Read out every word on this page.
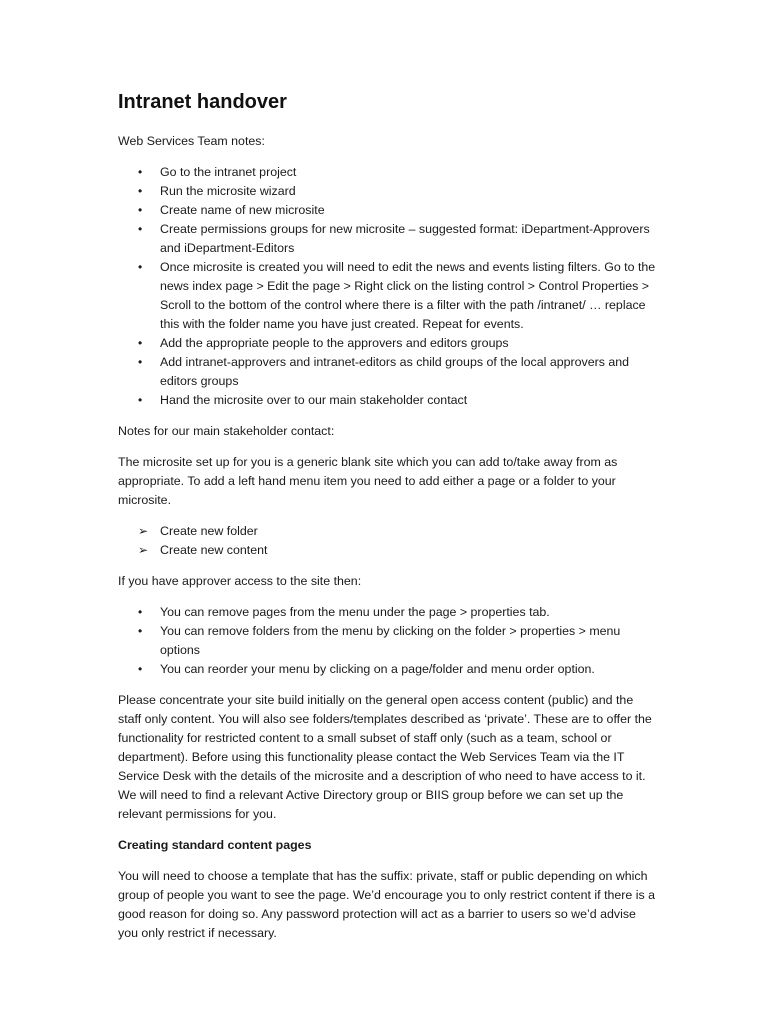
Intranet handover

Web Services Team notes:

• Go to the intranet project
• Run the microsite wizard
• Create name of new microsite
• Create permissions groups for new microsite – suggested format: iDepartment-Approvers and iDepartment-Editors
• Once microsite is created you will need to edit the news and events listing filters. Go to the news index page > Edit the page > Right click on the listing control > Control Properties > Scroll to the bottom of the control where there is a filter with the path /intranet/ … replace this with the folder name you have just created. Repeat for events.
• Add the appropriate people to the approvers and editors groups
• Add intranet-approvers and intranet-editors as child groups of the local approvers and editors groups
• Hand the microsite over to our main stakeholder contact

Notes for our main stakeholder contact:

The microsite set up for you is a generic blank site which you can add to/take away from as appropriate. To add a left hand menu item you need to add either a page or a folder to your microsite.

➢ Create new folder
➢ Create new content

If you have approver access to the site then:

• You can remove pages from the menu under the page > properties tab.
• You can remove folders from the menu by clicking on the folder > properties > menu options
• You can reorder your menu by clicking on a page/folder and menu order option.

Please concentrate your site build initially on the general open access content (public) and the staff only content. You will also see folders/templates described as ‘private’. These are to offer the functionality for restricted content to a small subset of staff only (such as a team, school or department). Before using this functionality please contact the Web Services Team via the IT Service Desk with the details of the microsite and a description of who need to have access to it. We will need to find a relevant Active Directory group or BIIS group before we can set up the relevant permissions for you.

Creating standard content pages

You will need to choose a template that has the suffix: private, staff or public depending on which group of people you want to see the page. We’d encourage you to only restrict content if there is a good reason for doing so. Any password protection will act as a barrier to users so we’d advise you only restrict if necessary.
